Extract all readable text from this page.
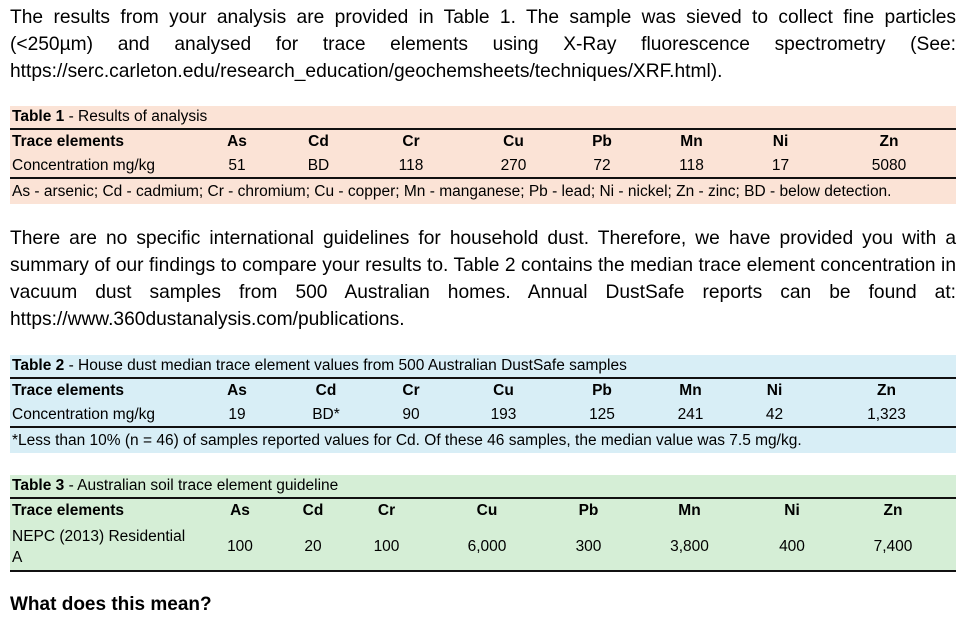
The results from your analysis are provided in Table 1. The sample was sieved to collect fine particles (<250µm) and analysed for trace elements using X-Ray fluorescence spectrometry (See: https://serc.carleton.edu/research_education/geochemsheets/techniques/XRF.html).

Table 1 - Results of analysis
Trace elements	As	Cd	Cr	Cu	Pb	Mn	Ni	Zn
Concentration mg/kg	51	BD	118	270	72	118	17	5080
As - arsenic; Cd - cadmium; Cr - chromium; Cu - copper; Mn - manganese; Pb - lead; Ni - nickel; Zn - zinc; BD - below detection.

There are no specific international guidelines for household dust. Therefore, we have provided you with a summary of our findings to compare your results to. Table 2 contains the median trace element concentration in vacuum dust samples from 500 Australian homes. Annual DustSafe reports can be found at: https://www.360dustanalysis.com/publications.

Table 2 - House dust median trace element values from 500 Australian DustSafe samples
Trace elements	As	Cd	Cr	Cu	Pb	Mn	Ni	Zn
Concentration mg/kg	19	BD*	90	193	125	241	42	1,323
*Less than 10% (n = 46) of samples reported values for Cd. Of these 46 samples, the median value was 7.5 mg/kg.
Table 3 - Australian soil trace element guideline
Trace elements	As	Cd	Cr	Cu	Pb	Mn	Ni	Zn
NEPC (2013) Residential
A	100	20	100	6,000	300	3,800	400	7,400
What does this mean?
